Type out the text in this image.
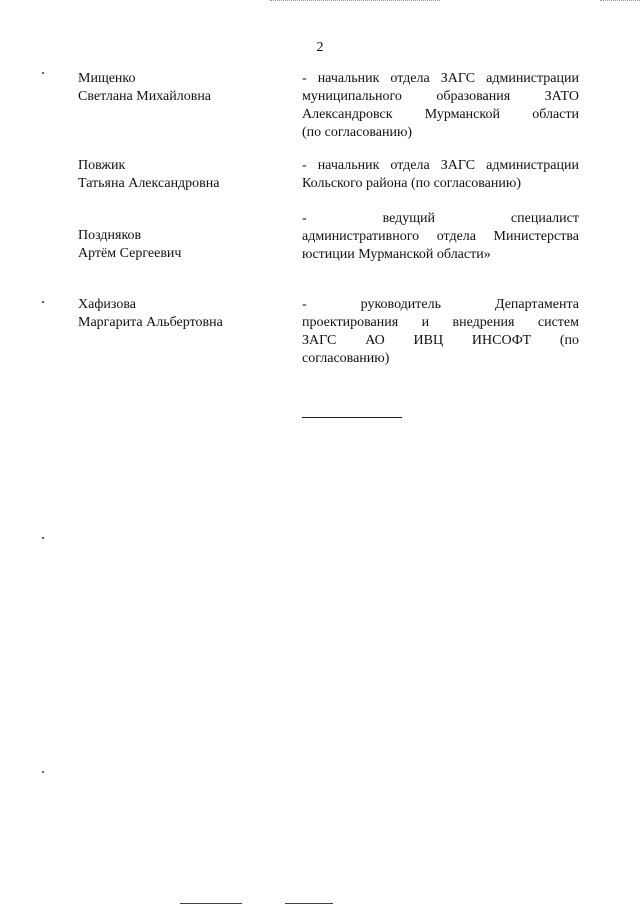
2
Мищенко
Светлана Михайловна
- начальник отдела ЗАГС администрации
муниципального образования ЗАТО
Александровск Мурманской области
(по согласованию)
Повжик
Татьяна Александровна
- начальник отдела ЗАГС администрации
Кольского района (по согласованию)
Поздняков
Артём Сергеевич
- ведущий специалист
административного отдела Министерства
юстиции Мурманской области»
Хафизова
Маргарита Альбертовна
- руководитель Департамента
проектирования и внедрения систем
ЗАГС АО ИВЦ ИНСОФТ (по
согласованию)
